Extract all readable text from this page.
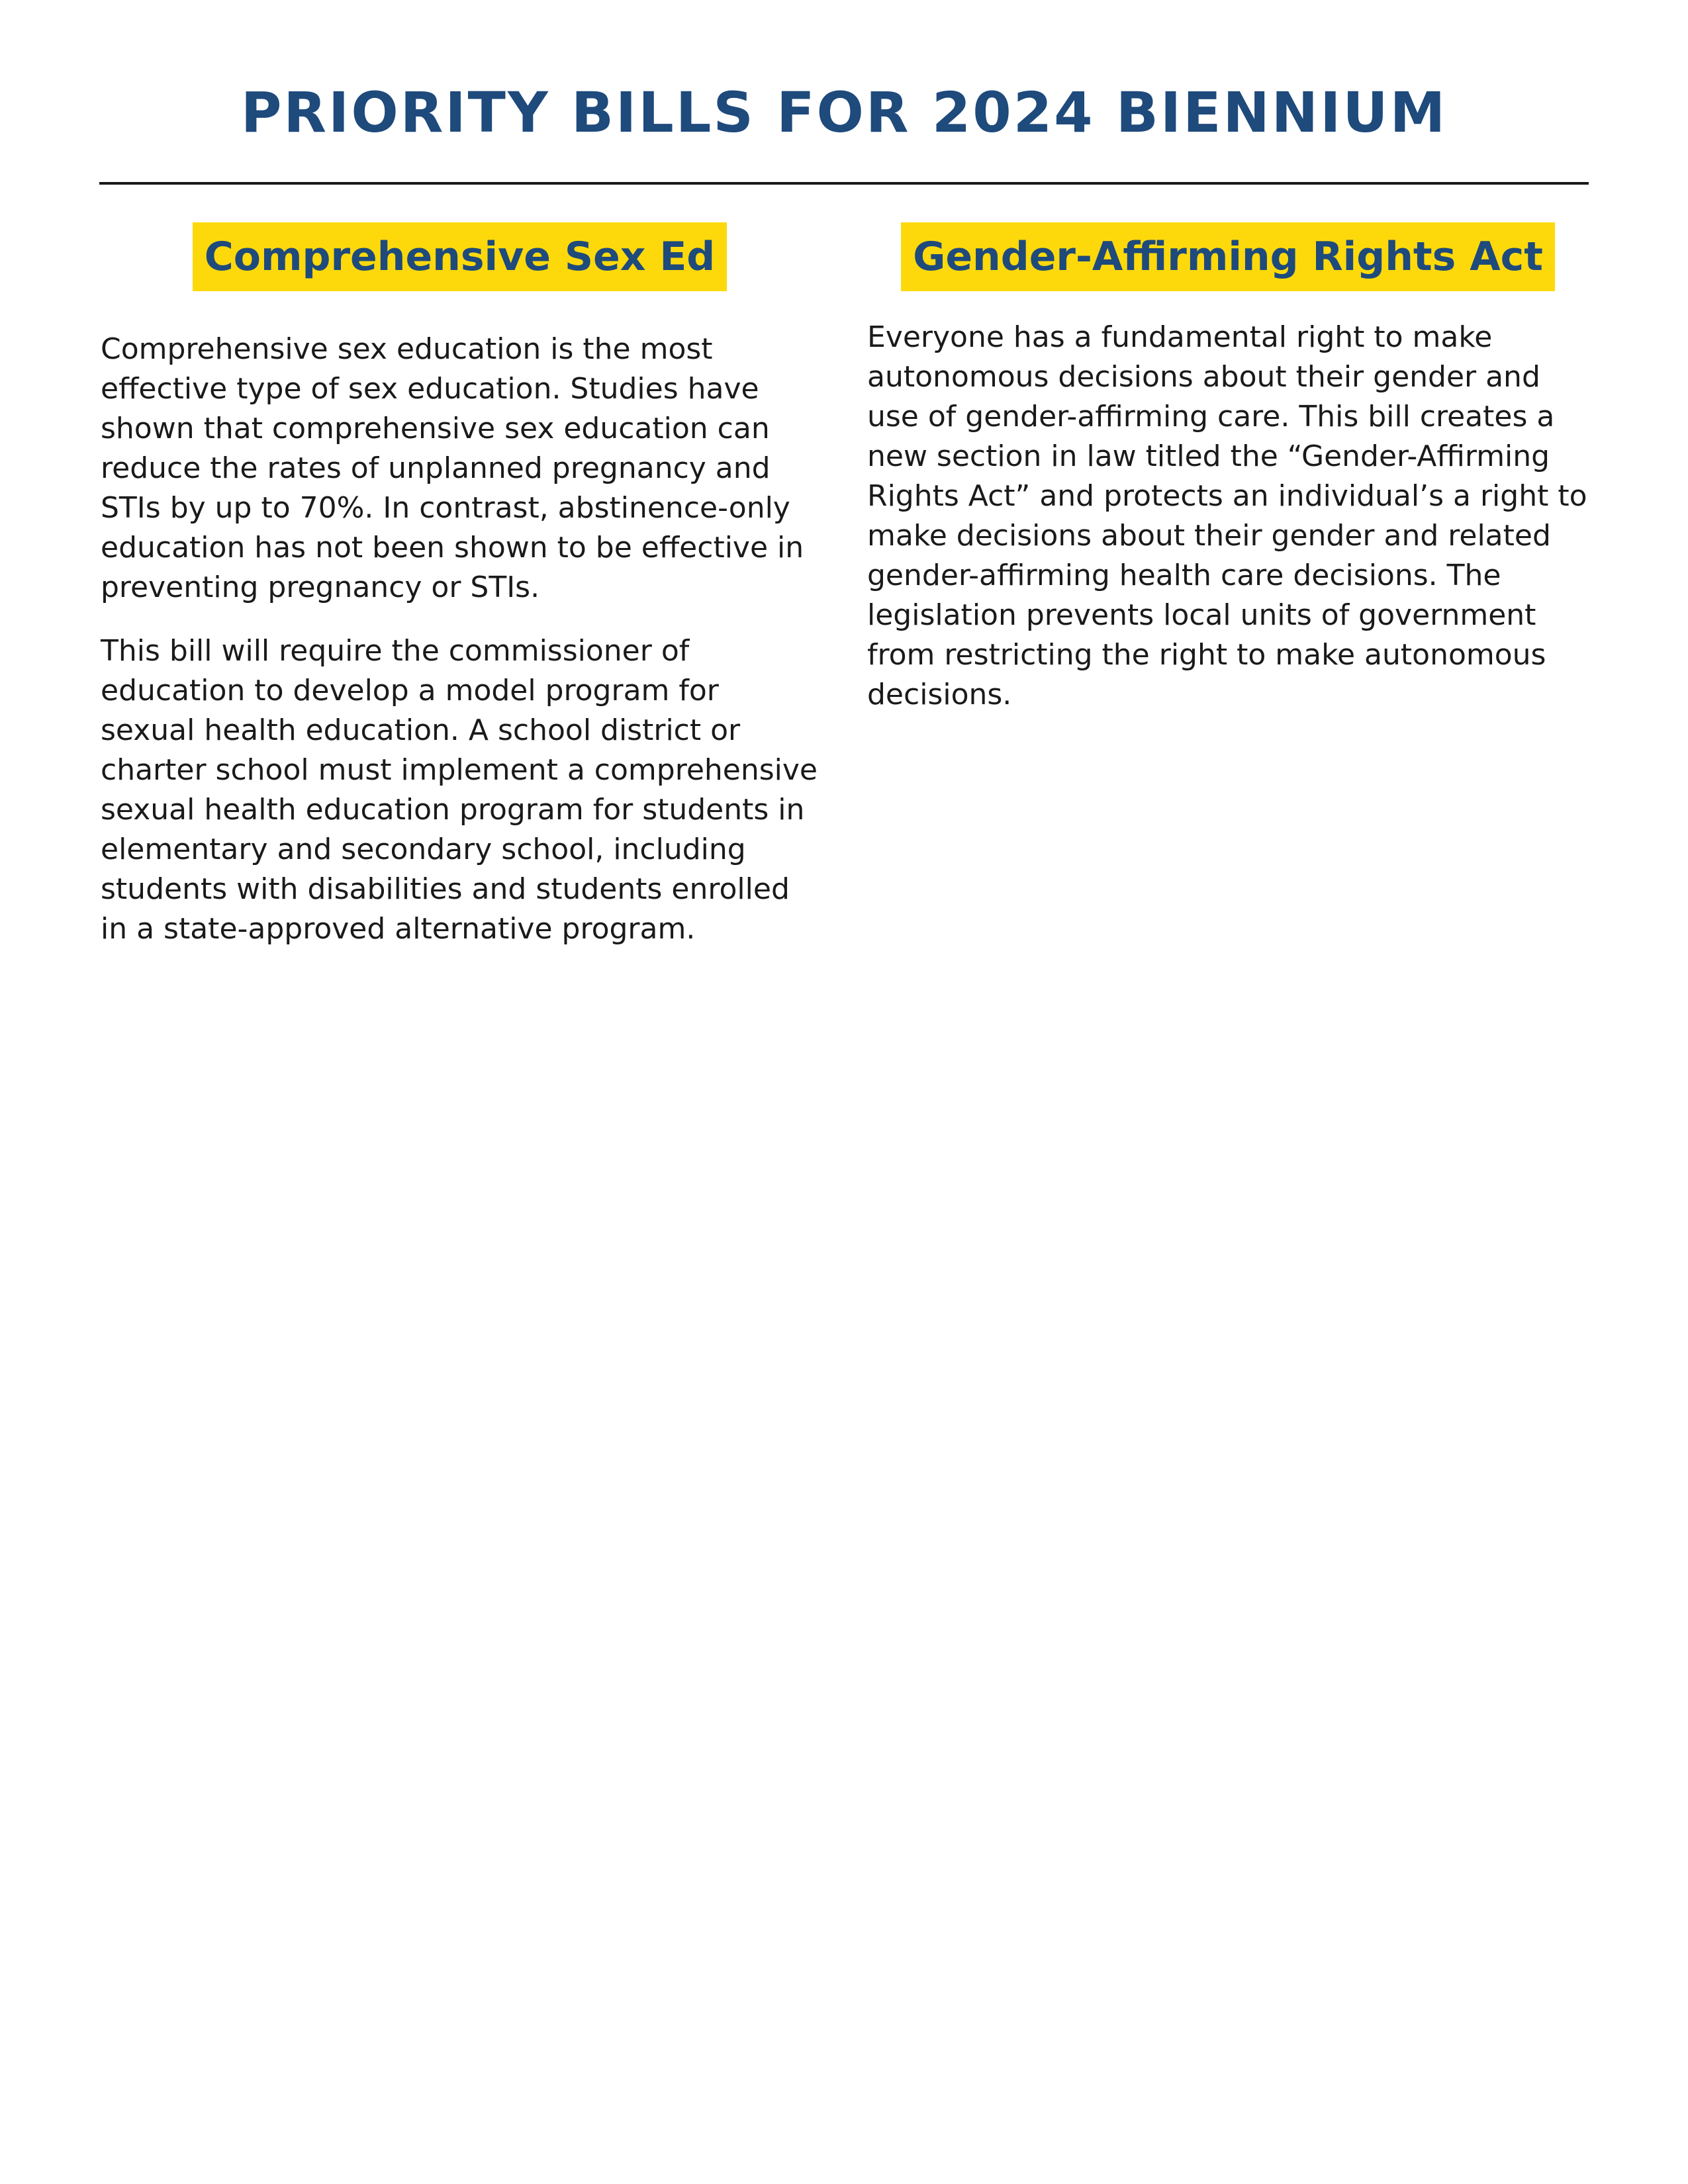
PRIORITY BILLS FOR 2024 BIENNIUM
Comprehensive Sex Ed

Comprehensive sex education is the most effective type of sex education. Studies have shown that comprehensive sex education can reduce the rates of unplanned pregnancy and STIs by up to 70%. In contrast, abstinence-only education has not been shown to be effective in preventing pregnancy or STIs.

This bill will require the commissioner of education to develop a model program for sexual health education. A school district or charter school must implement a comprehensive sexual health education program for students in elementary and secondary school, including students with disabilities and students enrolled in a state-approved alternative program.

Gender-Affirming Rights Act

Everyone has a fundamental right to make autonomous decisions about their gender and use of gender-affirming care. This bill creates a new section in law titled the “Gender-Affirming Rights Act” and protects an individual’s a right to make decisions about their gender and related gender-affirming health care decisions. The legislation prevents local units of government from restricting the right to make autonomous decisions.
